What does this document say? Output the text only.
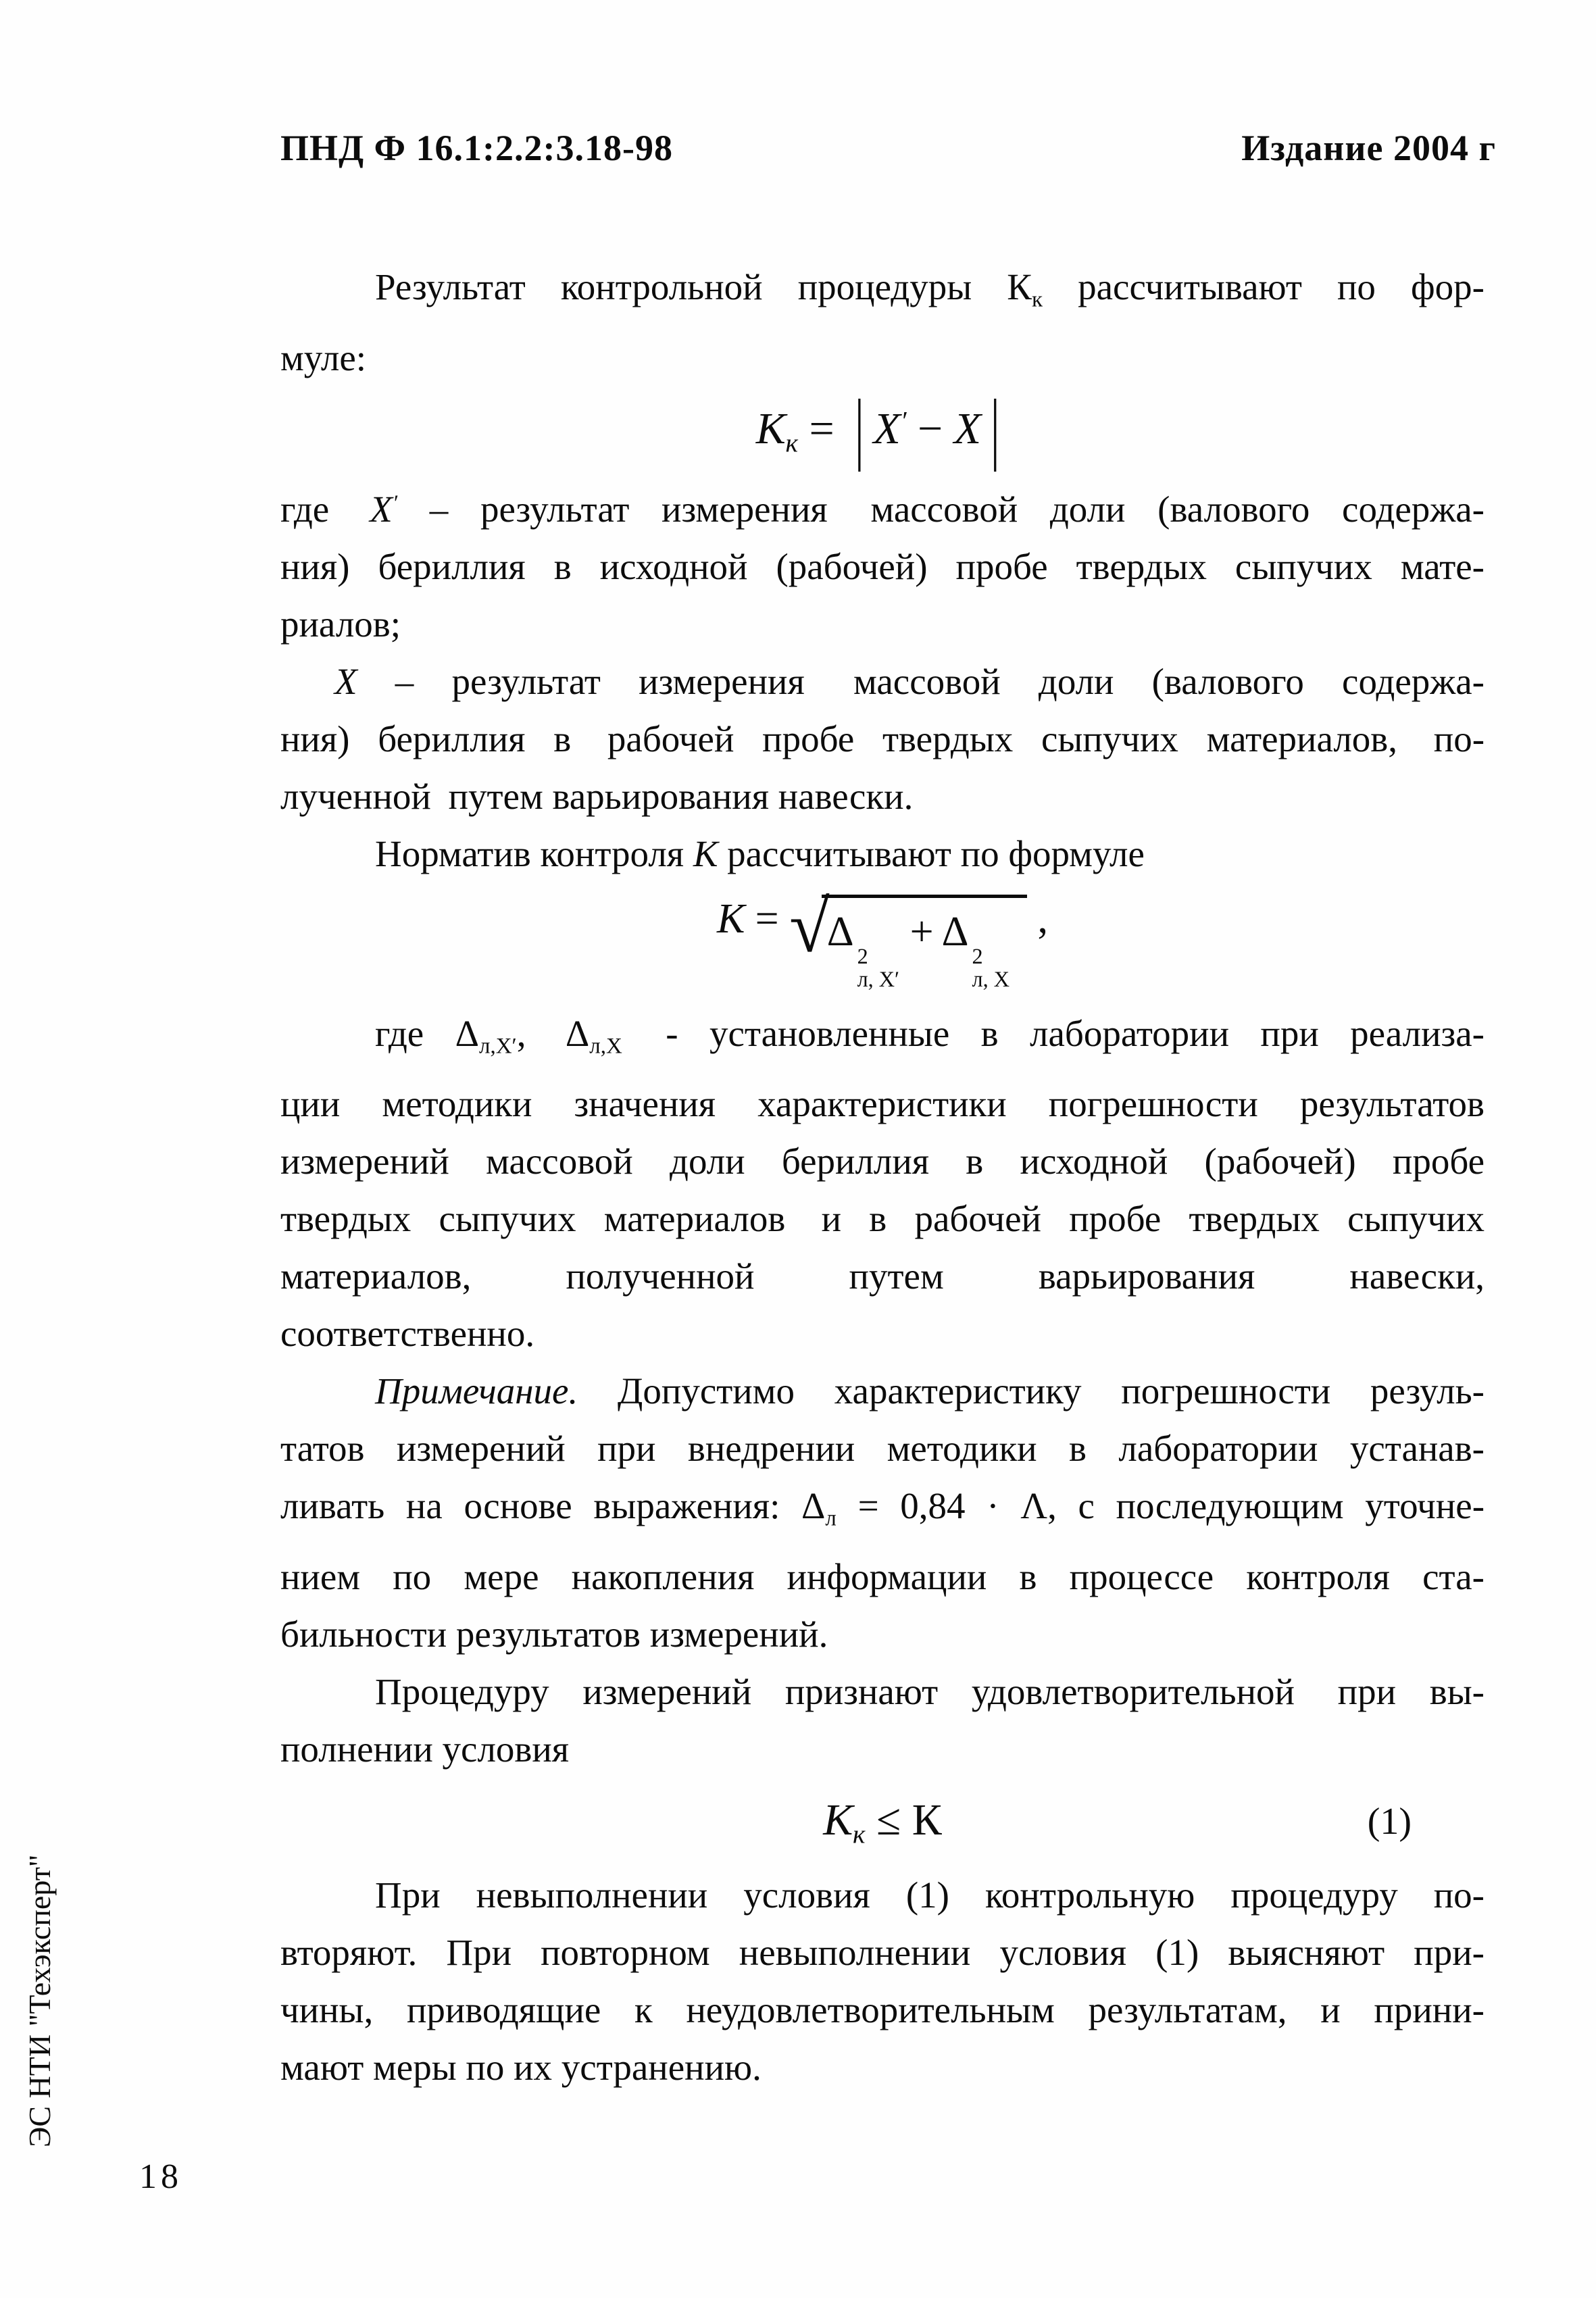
ПНД Ф 16.1:2.2:3.18-98	Издание 2004 г
Результат контрольной процедуры Кк рассчитывают по фор-
муле:
Кк = | X′ − X |
где X′ – результат измерения массовой доли (валового содержа-
ния) бериллия в исходной (рабочей) пробе твердых сыпучих мате-
риалов;
X – результат измерения массовой доли (валового содержа-
ния) бериллия в рабочей пробе твердых сыпучих материалов, по-
лученной путем варьирования навески.
Норматив контроля К рассчитывают по формуле
К = √
Δ
2
л, X′
+ Δ
2
л, X
,
где Δл,X′, Δл,X - установленные в лаборатории при реализа-
ции методики значения характеристики погрешности результатов
измерений массовой доли бериллия в исходной (рабочей) пробе
твердых сыпучих материалов и в рабочей пробе твердых сыпучих
материалов, полученной путем варьирования навески,
соответственно.
Примечание. Допустимо характеристику погрешности резуль-
татов измерений при внедрении методики в лаборатории устанав-
ливать на основе выражения: Δл = 0,84 · Λ, с последующим уточне-
нием по мере накопления информации в процессе контроля ста-
бильности результатов измерений.
Процедуру измерений признают удовлетворительной при вы-
полнении условия
Кк ≤ К	(1)
При невыполнении условия (1) контрольную процедуру по-
вторяют. При повторном невыполнении условия (1) выясняют при-
чины, приводящие к неудовлетворительным результатам, и прини-
мают меры по их устранению.
ЭС НТИ "Техэксперт"
18
